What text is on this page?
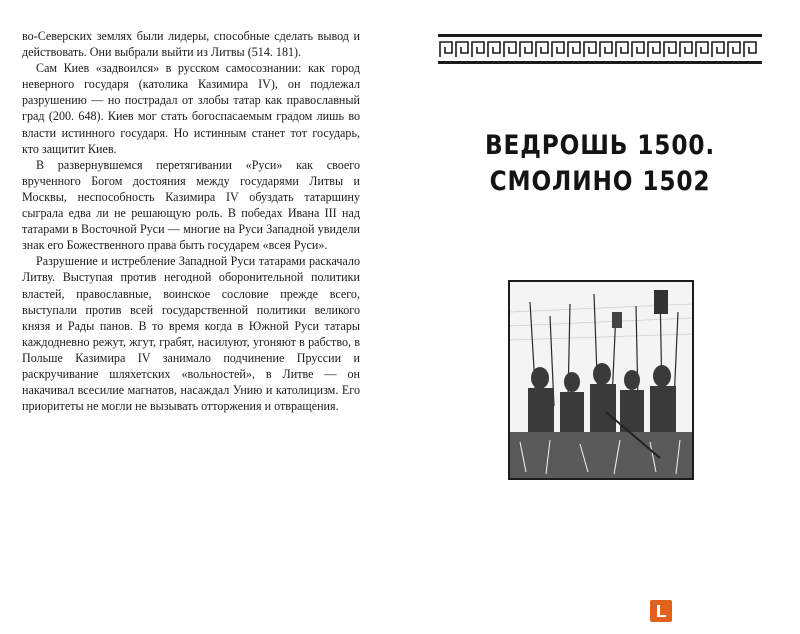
во-Северских землях были лидеры, способные сделать вывод и действовать. Они выбрали выйти из Литвы (514. 181).

Сам Киев «задвоился» в русском самосознании: как город неверного государя (католика Казимира IV), он подлежал разрушению — но пострадал от злобы татар как православный град (200. 648). Киев мог стать богоспасаемым градом лишь во власти истинного государя. Но истинным станет тот государь, кто защитит Киев.

В развернувшемся перетягивании «Руси» как своего врученного Богом достояния между государями Литвы и Москвы, неспособность Казимира IV обуздать татаршину сыграла едва ли не решающую роль. В победах Ивана III над татарами в Восточной Руси — многие на Руси Западной увидели знак его Божественного права быть государем «всея Руси».

Разрушение и истребление Западной Руси татарами раскачало Литву. Выступая против негодной оборонительной политики властей, православные, воинское сословие прежде всего, выступали против всей государственной политики великого князя и Рады панов. В то время когда в Южной Руси татары каждодневно режут, жгут, грабят, насилуют, угоняют в рабство, в Польше Казимира IV занимало подчинение Пруссии и раскручивание шляхетских «вольностей», в Литве — он накачивал всесилие магнатов, насаждал Унию и католицизм. Его приоритеты не могли не вызывать отторжения и отвращения.

ВЕДРОШЬ 1500.
СМОЛИНО 1502
